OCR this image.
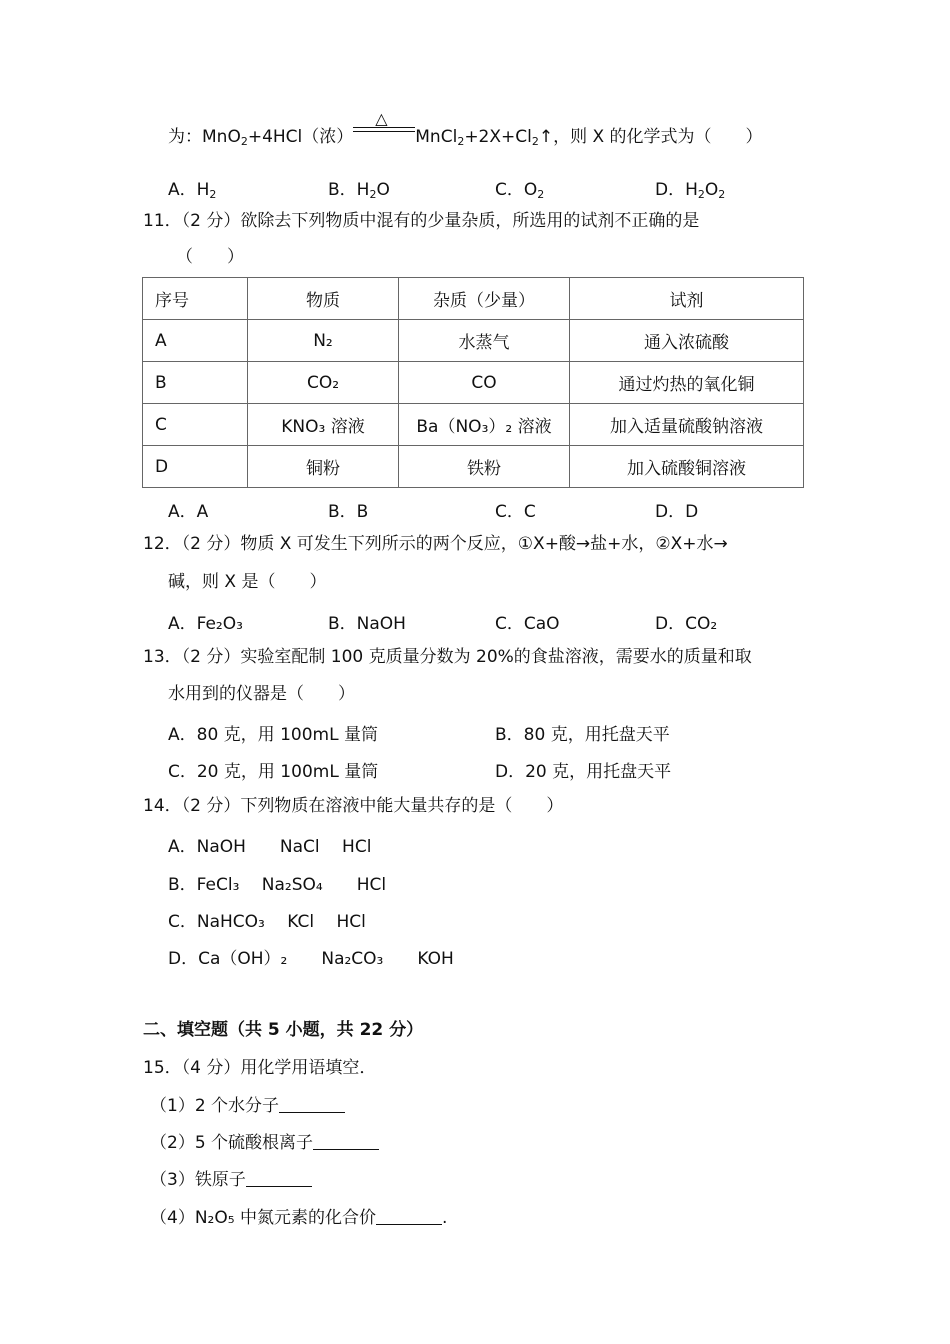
为：MnO$_2$+4HCl（浓）
△
$MnCl_2+2X+Cl_2↑$，则 X 的化学式为（　　）
A．$H_2$	B．$H_2O$	C．$O_2$	D．$H_2O_2$
11．（2 分）欲除去下列物质中混有的少量杂质，所选用的试剂不正确的是
（　　）
序号	物质	杂质（少量）	试剂
A	N₂	水蒸气	通入浓硫酸
B	CO₂	CO	通过灼热的氧化铜
C	KNO₃ 溶液	Ba（NO₃）₂ 溶液	加入适量硫酸钠溶液
D	铜粉	铁粉	加入硫酸铜溶液
A．A	B．B	C．C	D．D
12．（2 分）物质 X 可发生下列所示的两个反应，①X+酸→盐+水，②X+水→
碱，则 X 是（　　）
A．Fe₂O₃	B．NaOH	C．CaO	D．CO₂
13．（2 分）实验室配制 100 克质量分数为 20%的食盐溶液，需要水的质量和取
水用到的仪器是（　　）
A．80 克，用 100mL 量筒	B．80 克，用托盘天平
C．20 克，用 100mL 量筒	D．20 克，用托盘天平
14．（2 分）下列物质在溶液中能大量共存的是（　　）
A．NaOH　　NaCl　 HCl
B．FeCl₃　 Na₂SO₄　　HCl
C．NaHCO₃　 KCl　 HCl
D．Ca（OH）₂　　Na₂CO₃　　KOH
二、填空题（共 5 小题，共 22 分）
15．（4 分）用化学用语填空．
（1）2 个水分子
（2）5 个硫酸根离子
（3）铁原子
（4）N₂O₅ 中氮元素的化合价	.
